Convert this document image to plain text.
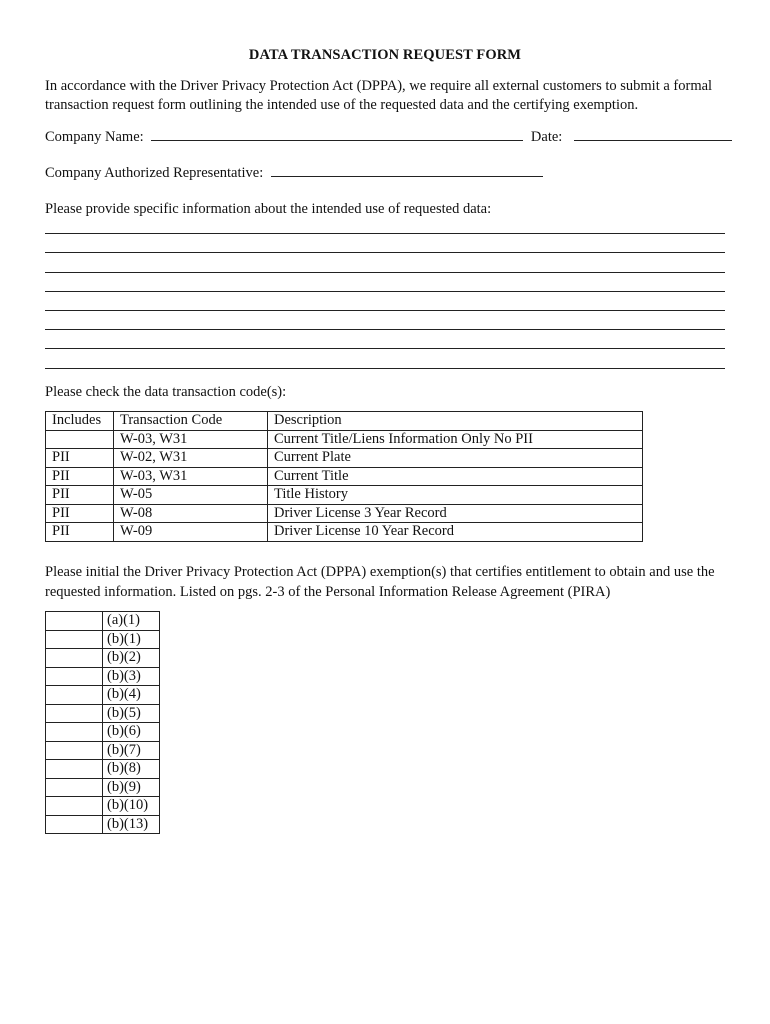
DATA TRANSACTION REQUEST FORM
In accordance with the Driver Privacy Protection Act (DPPA), we require all external customers to submit a formal transaction request form outlining the intended use of the requested data and the certifying exemption.
Company Name:	Date:
Company Authorized Representative:
Please provide specific information about the intended use of requested data:
Please check the data transaction code(s):
Includes	Transaction Code	Description
	W-03, W31	Current Title/Liens Information Only No PII
PII	W-02, W31	Current Plate
PII	W-03, W31	Current Title
PII	W-05	Title History
PII	W-08	Driver License 3 Year Record
PII	W-09	Driver License 10 Year Record
Please initial the Driver Privacy Protection Act (DPPA) exemption(s) that certifies entitlement to obtain and use the requested information. Listed on pgs. 2-3 of the Personal Information Release Agreement (PIRA)
	(a)(1)
	(b)(1)
	(b)(2)
	(b)(3)
	(b)(4)
	(b)(5)
	(b)(6)
	(b)(7)
	(b)(8)
	(b)(9)
	(b)(10)
	(b)(13)
